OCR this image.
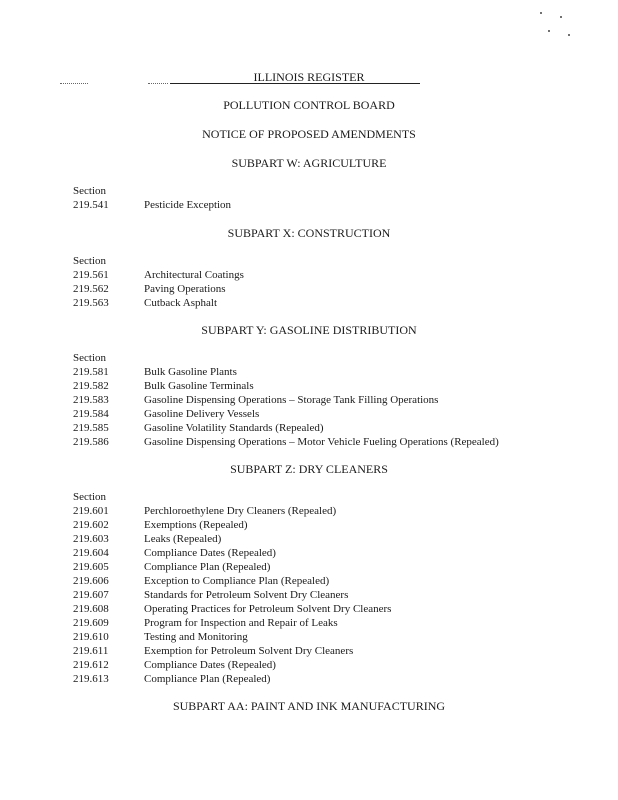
ILLINOIS REGISTER
POLLUTION CONTROL BOARD
NOTICE OF PROPOSED AMENDMENTS
SUBPART W: AGRICULTURE
Section
219.541	Pesticide Exception
SUBPART X: CONSTRUCTION
Section
219.561	Architectural Coatings
219.562	Paving Operations
219.563	Cutback Asphalt
SUBPART Y: GASOLINE DISTRIBUTION
Section
219.581	Bulk Gasoline Plants
219.582	Bulk Gasoline Terminals
219.583	Gasoline Dispensing Operations – Storage Tank Filling Operations
219.584	Gasoline Delivery Vessels
219.585	Gasoline Volatility Standards (Repealed)
219.586	Gasoline Dispensing Operations – Motor Vehicle Fueling Operations (Repealed)
SUBPART Z: DRY CLEANERS
Section
219.601	Perchloroethylene Dry Cleaners (Repealed)
219.602	Exemptions (Repealed)
219.603	Leaks (Repealed)
219.604	Compliance Dates (Repealed)
219.605	Compliance Plan (Repealed)
219.606	Exception to Compliance Plan (Repealed)
219.607	Standards for Petroleum Solvent Dry Cleaners
219.608	Operating Practices for Petroleum Solvent Dry Cleaners
219.609	Program for Inspection and Repair of Leaks
219.610	Testing and Monitoring
219.611	Exemption for Petroleum Solvent Dry Cleaners
219.612	Compliance Dates (Repealed)
219.613	Compliance Plan (Repealed)
SUBPART AA: PAINT AND INK MANUFACTURING
